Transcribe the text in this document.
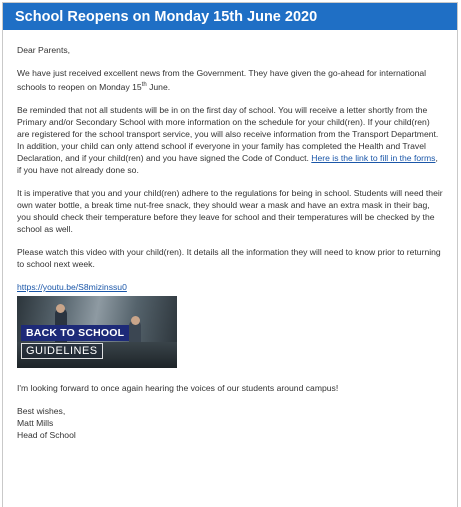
School Reopens on Monday 15th June 2020

Dear Parents,

We have just received excellent news from the Government. They have given the go-ahead for international schools to reopen on Monday 15th June.

Be reminded that not all students will be in on the first day of school. You will receive a letter shortly from the Primary and/or Secondary School with more information on the schedule for your child(ren). If your child(ren) are registered for the school transport service, you will also receive information from the Transport Department. In addition, your child can only attend school if everyone in your family has completed the Health and Travel Declaration, and if your child(ren) and you have signed the Code of Conduct. Here is the link to fill in the forms, if you have not already done so.

It is imperative that you and your child(ren) adhere to the regulations for being in school. Students will need their own water bottle, a break time nut-free snack, they should wear a mask and have an extra mask in their bag, you should check their temperature before they leave for school and their temperatures will be checked by the school as well.

Please watch this video with your child(ren). It details all the information they will need to know prior to returning to school next week.

https://youtu.be/S8mizinssu0
BACK TO SCHOOL
GUIDELINES

I'm looking forward to once again hearing the voices of our students around campus!

Best wishes,

Matt Mills

Head of School
